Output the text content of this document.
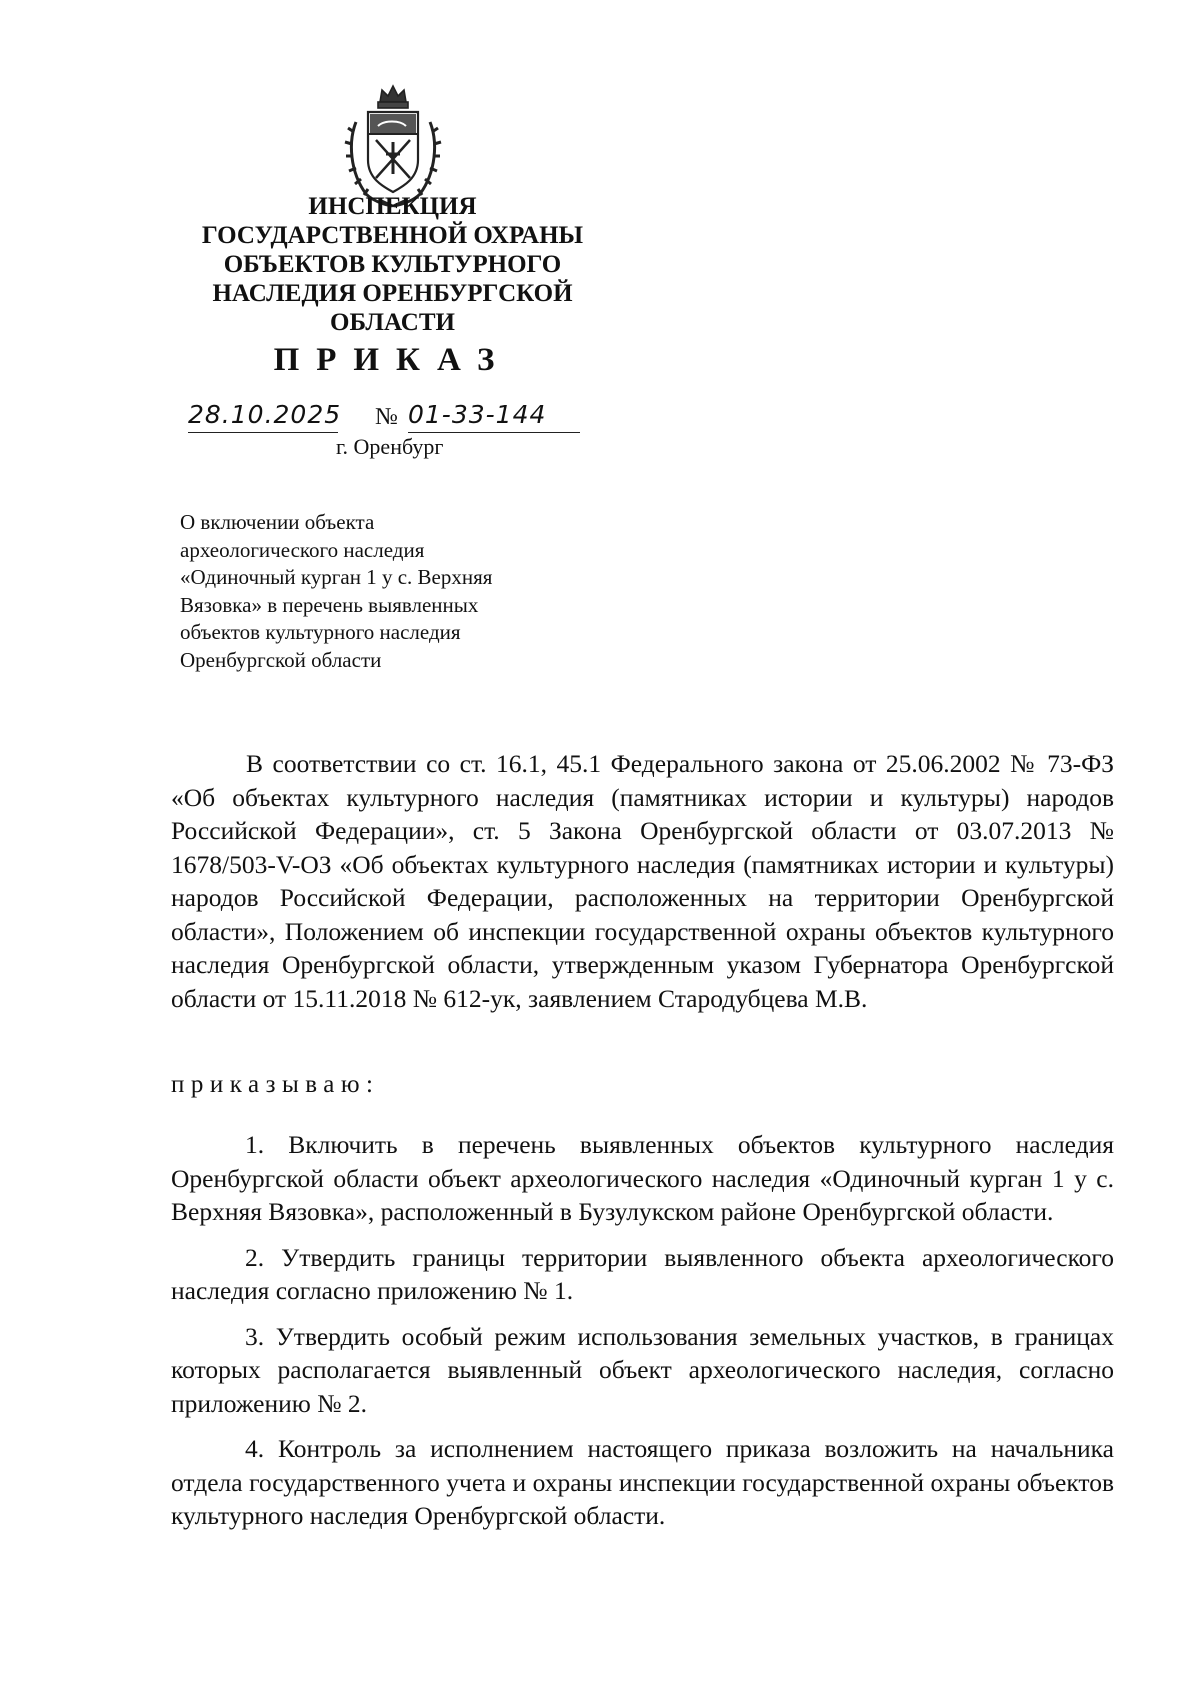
ИНСПЕКЦИЯ
ГОСУДАРСТВЕННОЙ ОХРАНЫ
ОБЪЕКТОВ КУЛЬТУРНОГО
НАСЛЕДИЯ ОРЕНБУРГСКОЙ
ОБЛАСТИ
ПРИКАЗ
28.10.2025 № 01-33-144
г. Оренбург
О включении объекта
археологического наследия
«Одиночный курган 1 у с. Верхняя
Вязовка» в перечень выявленных
объектов культурного наследия
Оренбургской области
В соответствии со ст. 16.1, 45.1 Федерального закона от 25.06.2002 № 73-ФЗ «Об объектах культурного наследия (памятниках истории и культуры) народов Российской Федерации», ст. 5 Закона Оренбургской области от 03.07.2013 № 1678/503-V-ОЗ «Об объектах культурного наследия (памятниках истории и культуры) народов Российской Федерации, расположенных на территории Оренбургской области», Положением об инспекции государственной охраны объектов культурного наследия Оренбургской области, утвержденным указом Губернатора Оренбургской области от 15.11.2018 № 612-ук, заявлением Стародубцева М.В.
приказываю:
1. Включить в перечень выявленных объектов культурного наследия Оренбургской области объект археологического наследия «Одиночный курган 1 у с. Верхняя Вязовка», расположенный в Бузулукском районе Оренбургской области.
2. Утвердить границы территории выявленного объекта археологического наследия согласно приложению № 1.
3. Утвердить особый режим использования земельных участков, в границах которых располагается выявленный объект археологического наследия, согласно приложению № 2.
4. Контроль за исполнением настоящего приказа возложить на начальника отдела государственного учета и охраны инспекции государственной охраны объектов культурного наследия Оренбургской области.
